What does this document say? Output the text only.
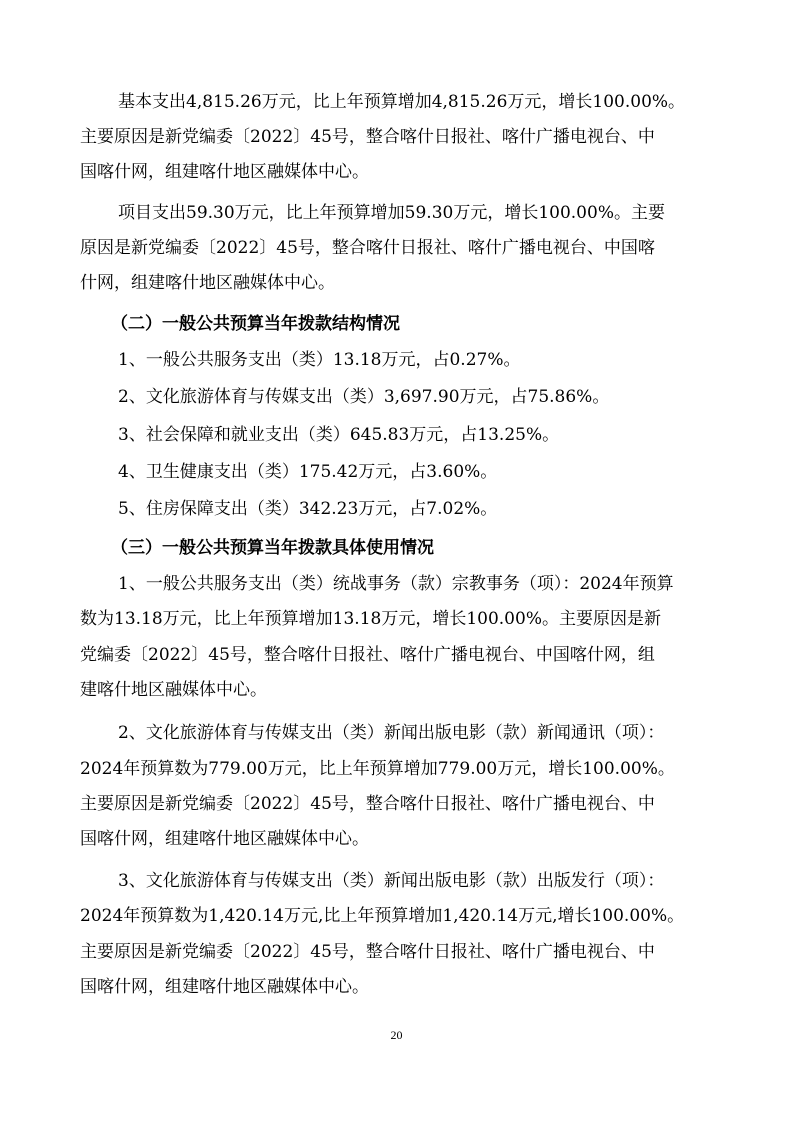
基本支出4,815.26万元，比上年预算增加4,815.26万元，增长100.00%。
主要原因是新党编委〔2022〕45号，整合喀什日报社、喀什广播电视台、中
国喀什网，组建喀什地区融媒体中心。
项目支出59.30万元，比上年预算增加59.30万元，增长100.00%。主要
原因是新党编委〔2022〕45号，整合喀什日报社、喀什广播电视台、中国喀
什网，组建喀什地区融媒体中心。
（二）一般公共预算当年拨款结构情况
1、一般公共服务支出（类）13.18万元，占0.27%。
2、文化旅游体育与传媒支出（类）3,697.90万元，占75.86%。
3、社会保障和就业支出（类）645.83万元，占13.25%。
4、卫生健康支出（类）175.42万元，占3.60%。
5、住房保障支出（类）342.23万元，占7.02%。
（三）一般公共预算当年拨款具体使用情况
1、一般公共服务支出（类）统战事务（款）宗教事务（项）：2024年预算
数为13.18万元，比上年预算增加13.18万元，增长100.00%。主要原因是新
党编委〔2022〕45号，整合喀什日报社、喀什广播电视台、中国喀什网，组
建喀什地区融媒体中心。
2、文化旅游体育与传媒支出（类）新闻出版电影（款）新闻通讯（项）：
2024年预算数为779.00万元，比上年预算增加779.00万元，增长100.00%。
主要原因是新党编委〔2022〕45号，整合喀什日报社、喀什广播电视台、中
国喀什网，组建喀什地区融媒体中心。
3、文化旅游体育与传媒支出（类）新闻出版电影（款）出版发行（项）：
2024年预算数为1,420.14万元,比上年预算增加1,420.14万元,增长100.00%。
主要原因是新党编委〔2022〕45号，整合喀什日报社、喀什广播电视台、中
国喀什网，组建喀什地区融媒体中心。
20
